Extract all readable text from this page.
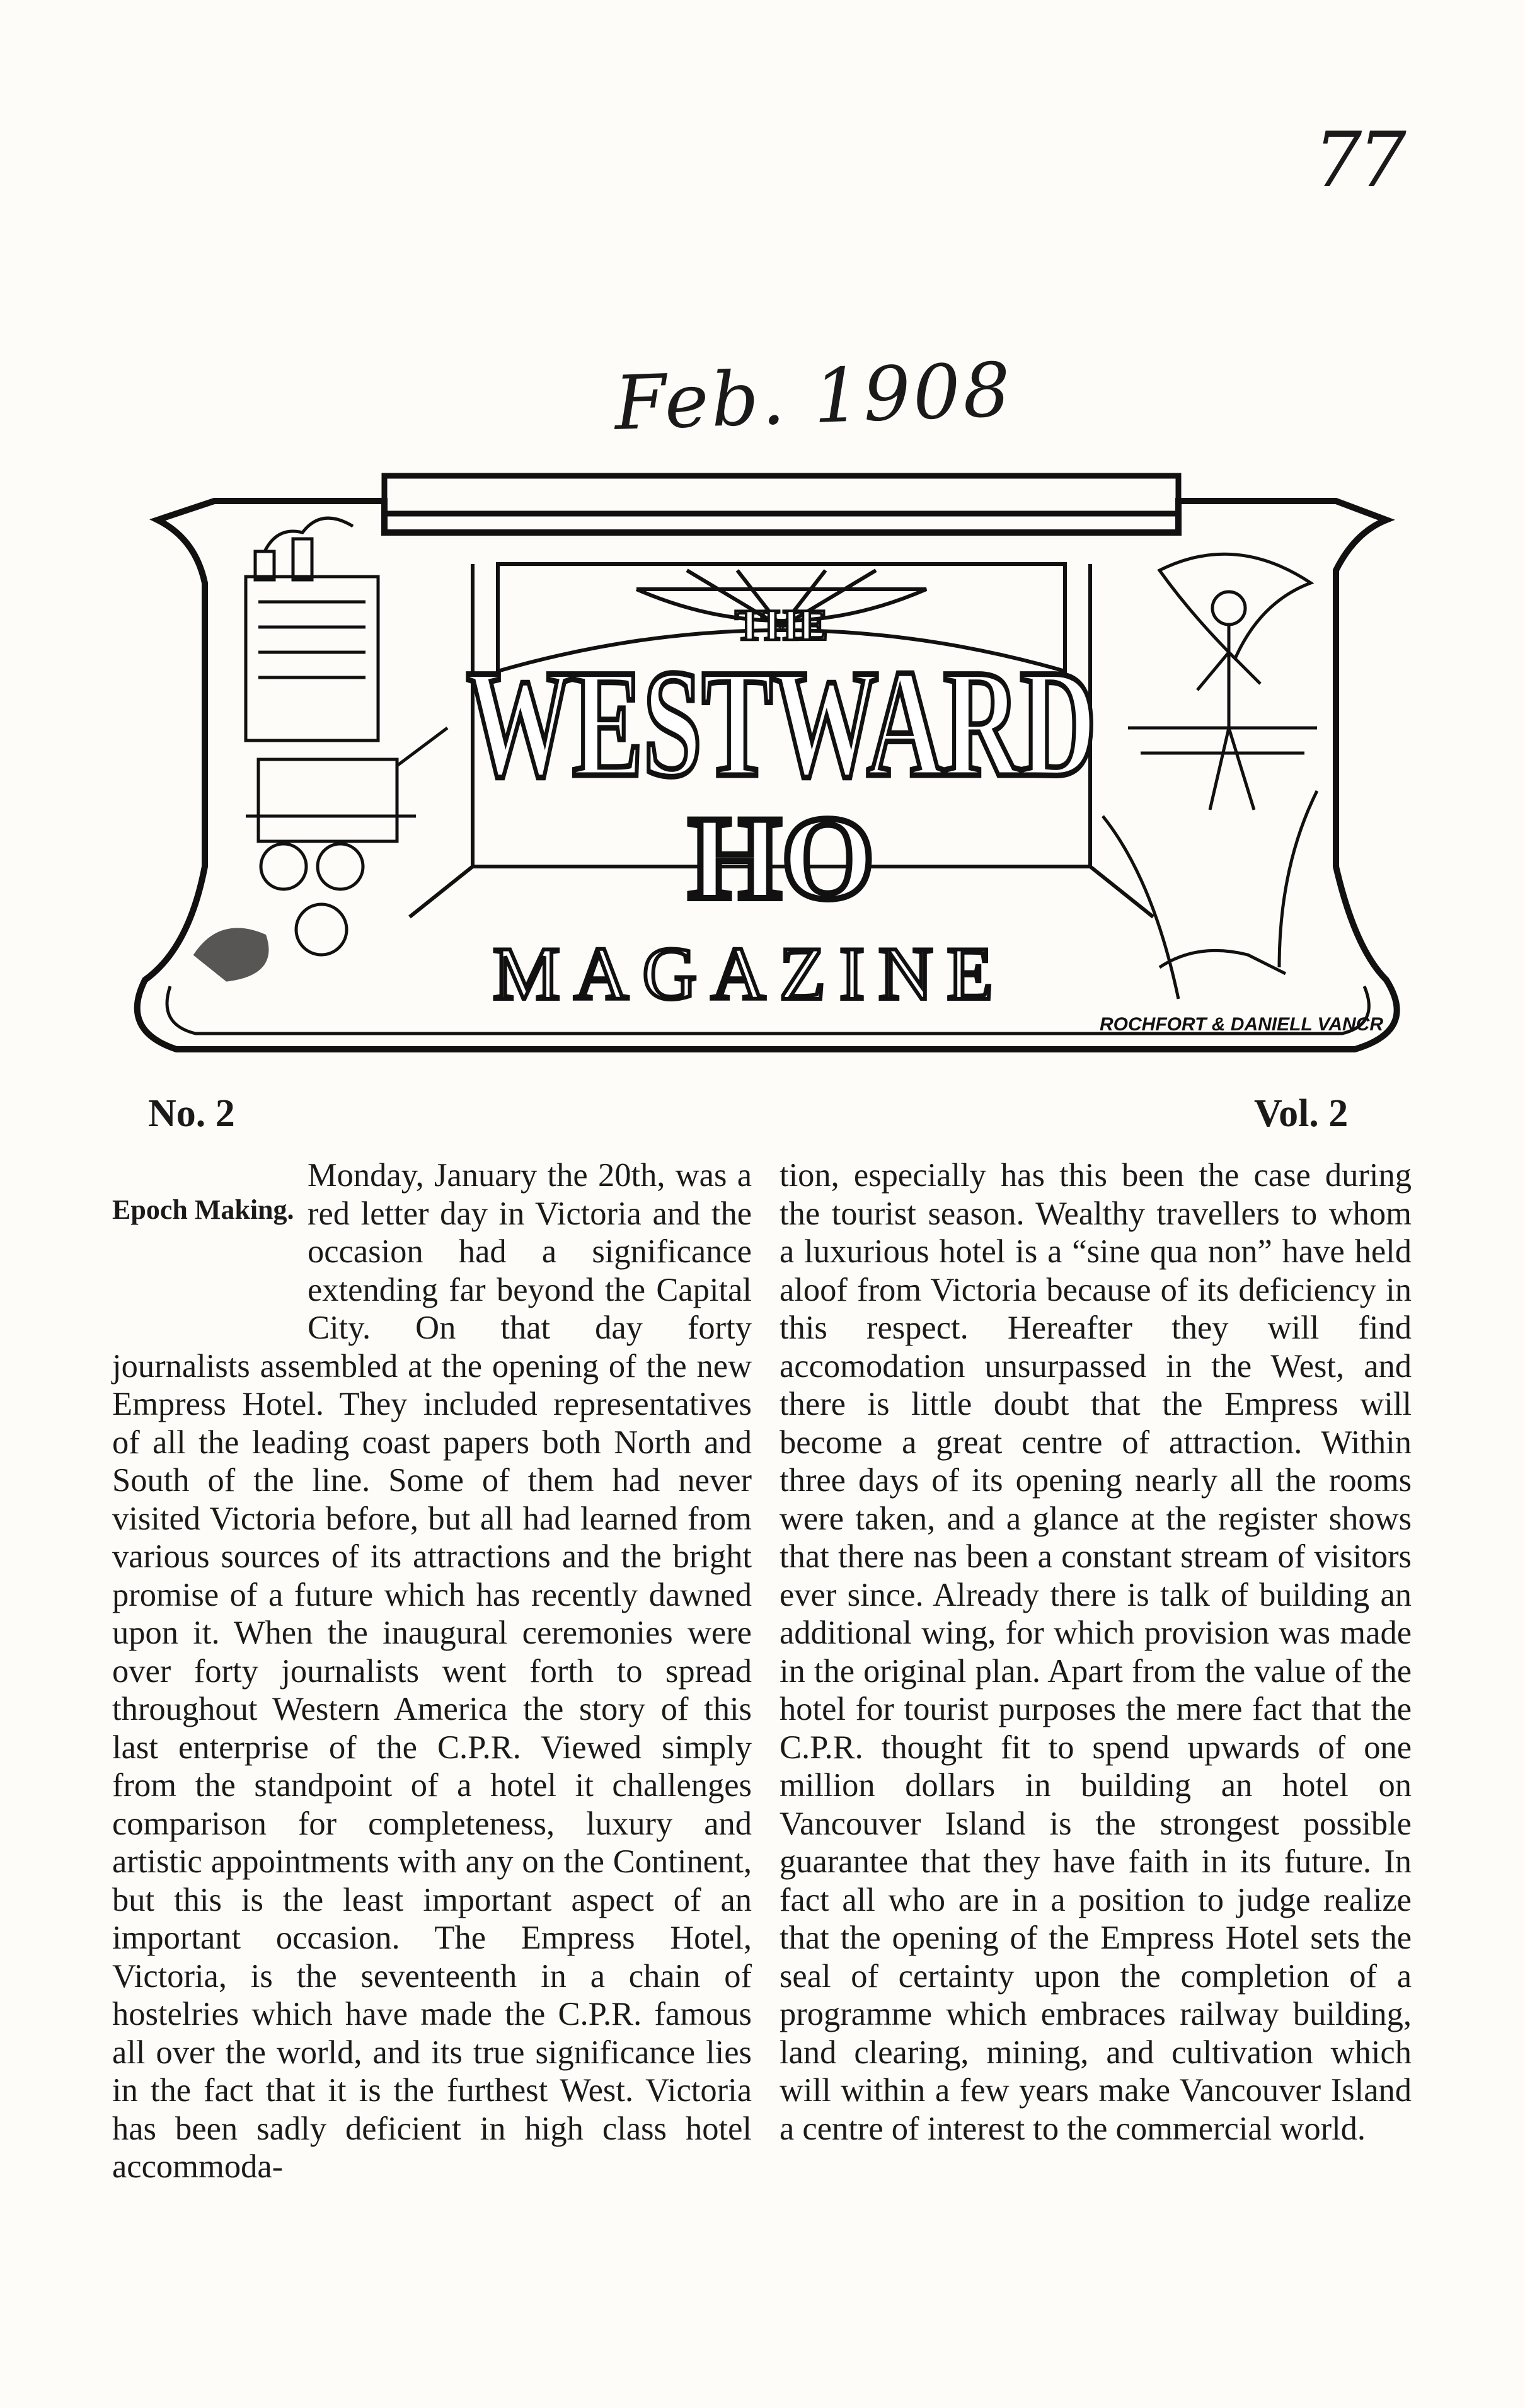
77
Feb. 1908
THE
WESTWARD
HO
MAGAZINE
ROCHFORT & DANIELL VANCR
No. 2	Vol. 2
Epoch Making.

Monday, January the 20th, was a red letter day in Victoria and the occasion had a significance extending far beyond the Capital City. On that day forty journalists assembled at the opening of the new Empress Hotel. They included representatives of all the leading coast papers both North and South of the line. Some of them had never visited Victoria before, but all had learned from various sources of its attractions and the bright promise of a future which has recently dawned upon it. When the inaugural ceremonies were over forty journalists went forth to spread throughout Western America the story of this last enterprise of the C.P.R. Viewed simply from the standpoint of a hotel it challenges comparison for completeness, luxury and artistic appointments with any on the Continent, but this is the least important aspect of an important occasion. The Empress Hotel, Victoria, is the seventeenth in a chain of hostelries which have made the C.P.R. famous all over the world, and its true significance lies in the fact that it is the furthest West. Victoria has been sadly deficient in high class hotel accommoda-

tion, especially has this been the case during the tourist season. Wealthy travellers to whom a luxurious hotel is a “sine qua non” have held aloof from Victoria because of its deficiency in this respect. Hereafter they will find accomodation unsurpassed in the West, and there is little doubt that the Empress will become a great centre of attraction. Within three days of its opening nearly all the rooms were taken, and a glance at the register shows that there nas been a constant stream of visitors ever since. Already there is talk of building an additional wing, for which provision was made in the original plan. Apart from the value of the hotel for tourist purposes the mere fact that the C.P.R. thought fit to spend upwards of one million dollars in building an hotel on Vancouver Island is the strongest possible guarantee that they have faith in its future. In fact all who are in a position to judge realize that the opening of the Empress Hotel sets the seal of certainty upon the completion of a programme which embraces railway building, land clearing, mining, and cultivation which will within a few years make Vancouver Island a centre of interest to the commercial world.
